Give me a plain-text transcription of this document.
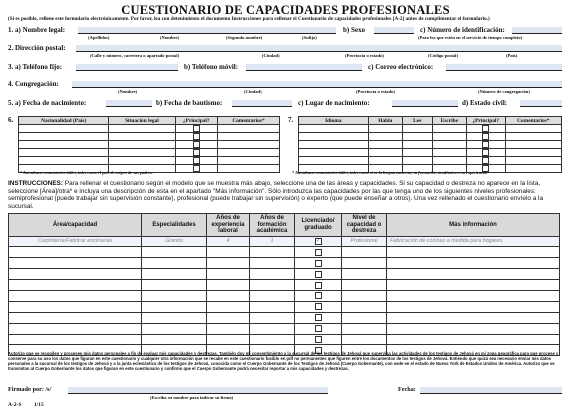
CUESTIONARIO DE CAPACIDADES PROFESIONALES
(Si es posible, rellene este formulario electrónicamente. Por favor, lea con detenimiento el documento Instrucciones para rellenar el Cuestionario de capacidades profesionales [A-2] antes de cumplimentar el formulario.)
1. a) Nombre legal:
(Apellidos)	(Nombre)	(Segundo nombre)	(Sufijo)
b) Sexo	c) Número de identificación:
(Para los que estén en el servicio de tiempo completo)
2. Dirección postal:
(Calle y número, carretera o apartado postal)	(Ciudad)	(Provincia o estado)	(Código postal)	(País)
3. a) Teléfono fijo:	b) Teléfono móvil:	c) Correo electrónico:
4. Congregación:
(Nombre)	(Ciudad)	(Provincia o estado)	(Número de congregación)
5. a) Fecha de nacimiento:	b) Fecha de bautismo:	c) Lugar de nacimiento:	d) Estado civil:
6.	Nacionalidad (País)	Situación legal	¿Principal?	Comentarios*

* Introduzca comentarios útiles, tales como el país de origen de sus padres.
7.	Idioma	Habla	Lee	Escribe	¿Principal?	Comentarios*

* Introduzca comentarios útiles, tales como si es la lengua materna, su formación académica o su experiencia.
INSTRUCCIONES: Para rellenar el cuestionario según el modelo que se muestra más abajo, seleccione una de las áreas y capacidades. Si su capacidad o destreza no aparece en la lista, seleccione [Área]/otra* e incluya una descripción de esta en el apartado "Más información". Sólo introduzca las capacidades por las que tenga uno de los siguientes niveles profesionales: semiprofesional (puede trabajar sin supervisión constante), profesional (puede trabajar sin supervisión) o experto (que puede enseñar a otros). Una vez rellenado el cuestionario envíelo a la sucursal.
Área/capacidad	Especialidades	Años de experiencia laboral	Años de formación académica	Licenciado/ graduado	Nivel de capacidad o destreza	Más información
Carpintería/Fabricar encimeras	Granito	4	1	✓	Profesional	Fabricación de cocinas a medida para hogares.

Autorizo que se recopilen y procesen mis datos personales a fin de evaluar mis capacidades y destrezas. También doy mi consentimiento a la sucursal de los testigos de Jehová que supervisa las actividades de los testigos de Jehová en mi zona geográfica para que procese y conserve para su uso los datos que figuran en este cuestionario y cualquier otra información que se recabe en este cuestionario fusiblo en pdf no permanentes que figuren entre los documentos de los testigos de Jehová. Entiendo que quizá sea necesario enviar mis datos personales a la sucursal de los testigos de Jehová y a la junta eclesiástica de los testigos de Jehová, conocida como el Cuerpo Gobernante de los Testigos de Jehová (Cuerpo Gobernante), con sede en el estado de Nueva York de Estados Unidos de América. Autorizo que se transmitan al Cuerpo Gobernante los datos que figuran en este cuestionario y confirmo que el Cuerpo Gobernante podrá necesitar reportar a mis capacidades y destrezas.
Firmado por: /s/
(Escriba su nombre para indicar su firma)
Fecha:
A-2-S 1/15
